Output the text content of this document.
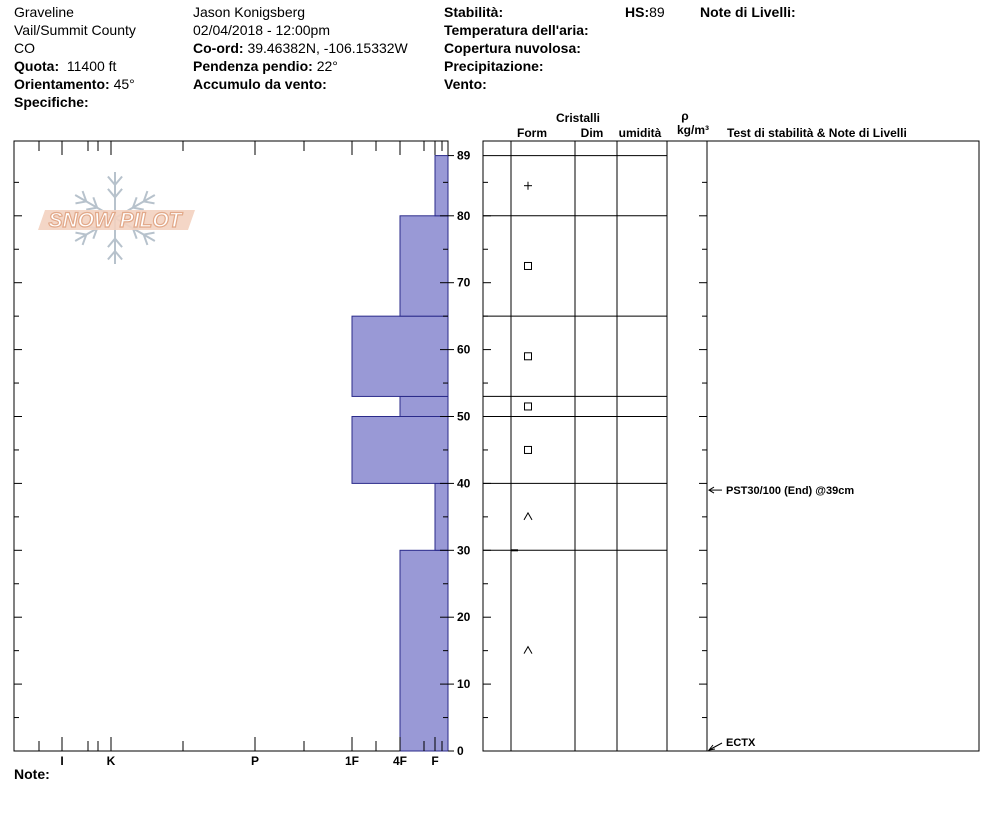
Graveline
Vail/Summit County
CO
Quota: 11400 ft
Orientamento: 45°
Specifiche:
Jason Konigsberg
02/04/2018 - 12:00pm
Co-ord: 39.46382N, -106.15332W
Pendenza pendio: 22°
Accumulo da vento:
Stabilità:
Temperatura dell'aria:
Copertura nuvolosa:
Precipitazione:
Vento:
HS:89	Note di Livelli:
Note:
SNOW PILOT
I	K	P	1F	4F F
0
10
20
30
40
50
60
70
80
89
PST30/100 (End) @39cm
ECTX
Cristalli
Form	Dim umidità
ρ
kg/m³ Test di stabilità & Note di Livelli
